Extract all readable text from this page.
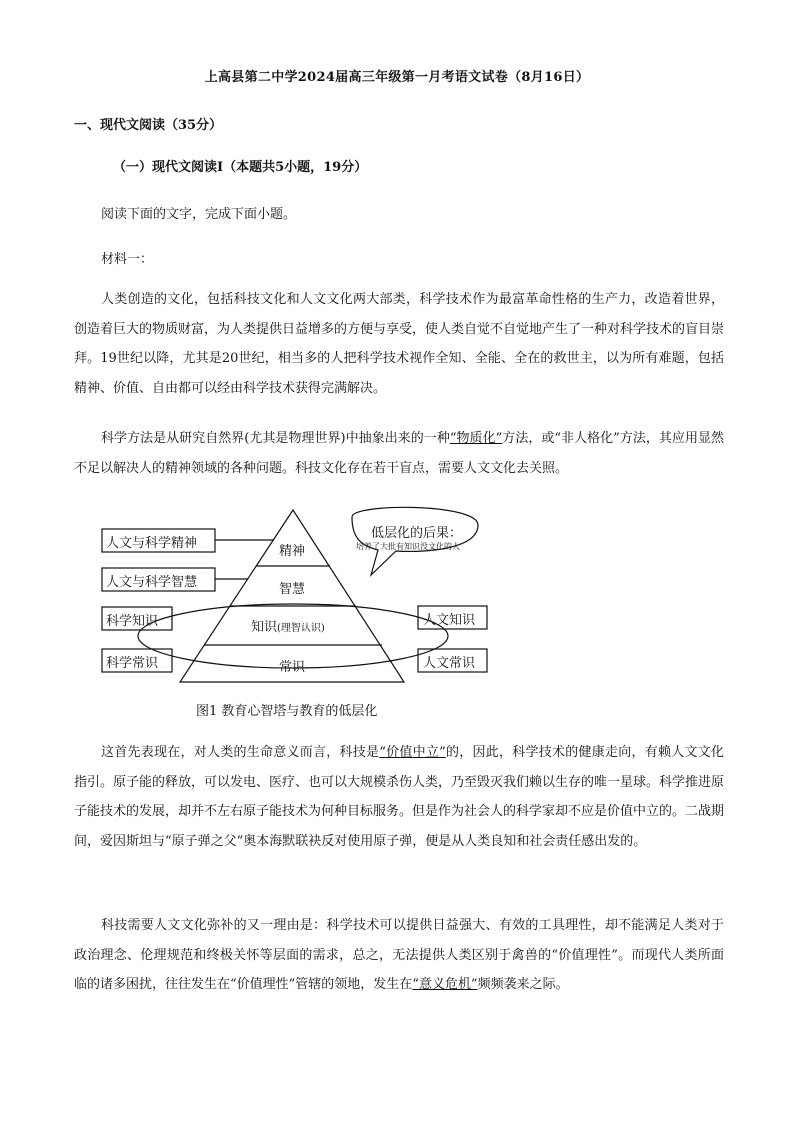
上高县第二中学2024届高三年级第一月考语文试卷（8月16日）
一、现代文阅读（35分）
（一）现代文阅读Ⅰ（本题共5小题，19分）
阅读下面的文字，完成下面小题。
材料一：

人类创造的文化，包括科技文化和人文文化两大部类，科学技术作为最富革命性格的生产力，改造着世界，创造着巨大的物质财富，为人类提供日益增多的方便与享受，使人类自觉不自觉地产生了一种对科学技术的盲目崇拜。19世纪以降，尤其是20世纪，相当多的人把科学技术视作全知、全能、全在的救世主，以为所有难题，包括精神、价值、自由都可以经由科学技术获得完满解决。

科学方法是从研究自然界(尤其是物理世界)中抽象出来的一种“物质化”方法，或“非人格化”方法，其应用显然不足以解决人的精神领域的各种问题。科技文化存在若干盲点，需要人文文化去关照。

精神
智慧
知识(理智认识)
常识
人文与科学精神
人文与科学智慧
科学知识
科学常识
人文知识
人文常识
低层化的后果：
培养了大批有知识没文化的人
图1 教育心智塔与教育的低层化

这首先表现在，对人类的生命意义而言，科技是“价值中立”的，因此，科学技术的健康走向，有赖人文文化指引。原子能的释放，可以发电、医疗、也可以大规模杀伤人类，乃至毁灭我们赖以生存的唯一星球。科学推进原子能技术的发展，却并不左右原子能技术为何种目标服务。但是作为社会人的科学家却不应是价值中立的。二战期间，爱因斯坦与“原子弹之父”奥本海默联袂反对使用原子弹，便是从人类良知和社会责任感出发的。

科技需要人文文化弥补的又一理由是：科学技术可以提供日益强大、有效的工具理性，却不能满足人类对于政治理念、伦理规范和终极关怀等层面的需求，总之，无法提供人类区别于禽兽的“价值理性”。而现代人类所面临的诸多困扰，往往发生在“价值理性”管辖的领地，发生在“意义危机”频频袭来之际。
